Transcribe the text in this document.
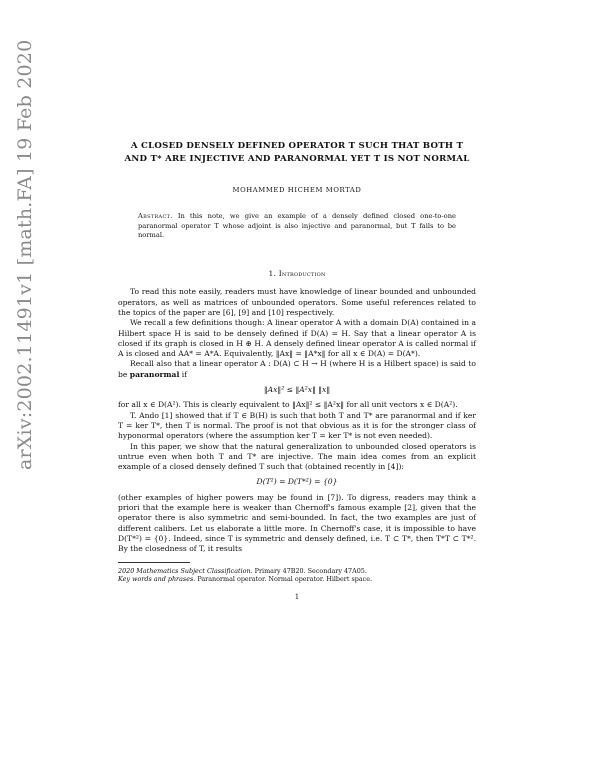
arXiv:2002.11491v1 [math.FA] 19 Feb 2020	A CLOSED DENSELY DEFINED OPERATOR T SUCH THAT BOTH T AND T* ARE INJECTIVE AND PARANORMAL YET T IS NOT NORMAL
MOHAMMED HICHEM MORTAD
Abstract. In this note, we give an example of a densely defined closed one-to-one paranormal operator T whose adjoint is also injective and paranormal, but T fails to be normal.
1. Introduction

To read this note easily, readers must have knowledge of linear bounded and unbounded operators, as well as matrices of unbounded operators. Some useful references related to the topics of the paper are [6], [9] and [10] respectively.

We recall a few definitions though: A linear operator A with a domain D(A) contained in a Hilbert space H is said to be densely defined if D(A) = H. Say that a linear operator A is closed if its graph is closed in H ⊕ H. A densely defined linear operator A is called normal if A is closed and AA* = A*A. Equivalently, ‖Ax‖ = ‖A*x‖ for all x ∈ D(A) = D(A*).

Recall also that a linear operator A : D(A) ⊂ H → H (where H is a Hilbert space) is said to be paranormal if

‖Ax‖² ≤ ‖A²x‖ ‖x‖

for all x ∈ D(A²). This is clearly equivalent to ‖Ax‖² ≤ ‖A²x‖ for all unit vectors x ∈ D(A²).

T. Ando [1] showed that if T ∈ B(H) is such that both T and T* are paranormal and if ker T = ker T*, then T is normal. The proof is not that obvious as it is for the stronger class of hyponormal operators (where the assumption ker T = ker T* is not even needed).

In this paper, we show that the natural generalization to unbounded closed operators is untrue even when both T and T* are injective. The main idea comes from an explicit example of a closed densely defined T such that (obtained recently in [4]):

D(T²) = D(T*²) = {0}

(other examples of higher powers may be found in [7]). To digress, readers may think a priori that the example here is weaker than Chernoff's famous example [2], given that the operator there is also symmetric and semi-bounded. In fact, the two examples are just of different calibers. Let us elaborate a little more. In Chernoff's case, it is impossible to have D(T*²) = {0}. Indeed, since T is symmetric and densely defined, i.e. T ⊂ T*, then T*T ⊂ T*². By the closedness of T, it results

2020 Mathematics Subject Classification. Primary 47B20. Secondary 47A05.
Key words and phrases. Paranormal operator. Normal operator. Hilbert space.
1
